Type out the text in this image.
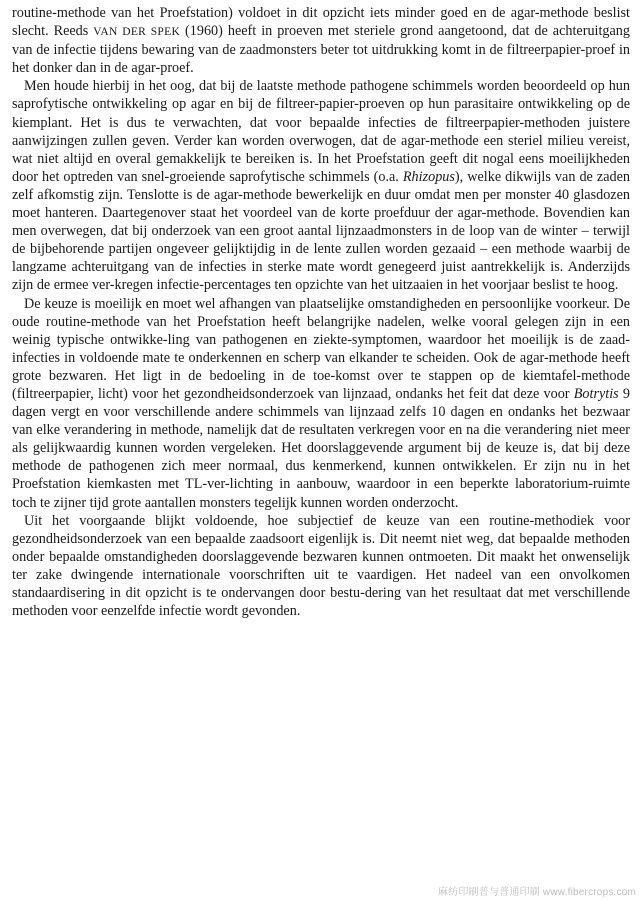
routine-methode van het Proefstation) voldoet in dit opzicht iets minder goed en de agar-methode beslist slecht. Reeds VAN DER SPEK (1960) heeft in proeven met steriele grond aangetoond, dat de achteruitgang van de infectie tijdens bewaring van de zaadmonsters beter tot uitdrukking komt in de filtreerpapier-proef in het donker dan in de agar-proef.

Men houde hierbij in het oog, dat bij de laatste methode pathogene schimmels worden beoordeeld op hun saprofytische ontwikkeling op agar en bij de filtreer-papier-proeven op hun parasitaire ontwikkeling op de kiemplant. Het is dus te verwachten, dat voor bepaalde infecties de filtreerpapier-methoden juistere aanwijzingen zullen geven. Verder kan worden overwogen, dat de agar-methode een steriel milieu vereist, wat niet altijd en overal gemakkelijk te bereiken is. In het Proefstation geeft dit nogal eens moeilijkheden door het optreden van snel-groeiende saprofytische schimmels (o.a. Rhizopus), welke dikwijls van de zaden zelf afkomstig zijn. Tenslotte is de agar-methode bewerkelijk en duur omdat men per monster 40 glasdozen moet hanteren. Daartegenover staat het voordeel van de korte proefduur der agar-methode. Bovendien kan men overwegen, dat bij onderzoek van een groot aantal lijnzaadmonsters in de loop van de winter – terwijl de bijbehorende partijen ongeveer gelijktijdig in de lente zullen worden gezaaid – een methode waarbij de langzame achteruitgang van de infecties in sterke mate wordt genegeerd juist aantrekkelijk is. Anderzijds zijn de ermee ver-kregen infectie-percentages ten opzichte van het uitzaaien in het voorjaar beslist te hoog.

De keuze is moeilijk en moet wel afhangen van plaatselijke omstandigheden en persoonlijke voorkeur. De oude routine-methode van het Proefstation heeft belangrijke nadelen, welke vooral gelegen zijn in een weinig typische ontwikke-ling van pathogenen en ziekte-symptomen, waardoor het moeilijk is de zaad-infecties in voldoende mate te onderkennen en scherp van elkander te scheiden. Ook de agar-methode heeft grote bezwaren. Het ligt in de bedoeling in de toe-komst over te stappen op de kiemtafel-methode (filtreerpapier, licht) voor het gezondheidsonderzoek van lijnzaad, ondanks het feit dat deze voor Botrytis 9 dagen vergt en voor verschillende andere schimmels van lijnzaad zelfs 10 dagen en ondanks het bezwaar van elke verandering in methode, namelijk dat de resultaten verkregen voor en na die verandering niet meer als gelijkwaardig kunnen worden vergeleken. Het doorslaggevende argument bij de keuze is, dat bij deze methode de pathogenen zich meer normaal, dus kenmerkend, kunnen ontwikkelen. Er zijn nu in het Proefstation kiemkasten met TL-ver-lichting in aanbouw, waardoor in een beperkte laboratorium-ruimte toch te zijner tijd grote aantallen monsters tegelijk kunnen worden onderzocht.

Uit het voorgaande blijkt voldoende, hoe subjectief de keuze van een routine-methodiek voor gezondheidsonderzoek van een bepaalde zaadsoort eigenlijk is. Dit neemt niet weg, dat bepaalde methoden onder bepaalde omstandigheden doorslaggevende bezwaren kunnen ontmoeten. Dit maakt het onwenselijk ter zake dwingende internationale voorschriften uit te vaardigen. Het nadeel van een onvolkomen standaardisering in dit opzicht is te ondervangen door bestu-dering van het resultaat dat met verschillende methoden voor eenzelfde infectie wordt gevonden.

麻纺印刷普与普通印刷 www.fibercrops.com
